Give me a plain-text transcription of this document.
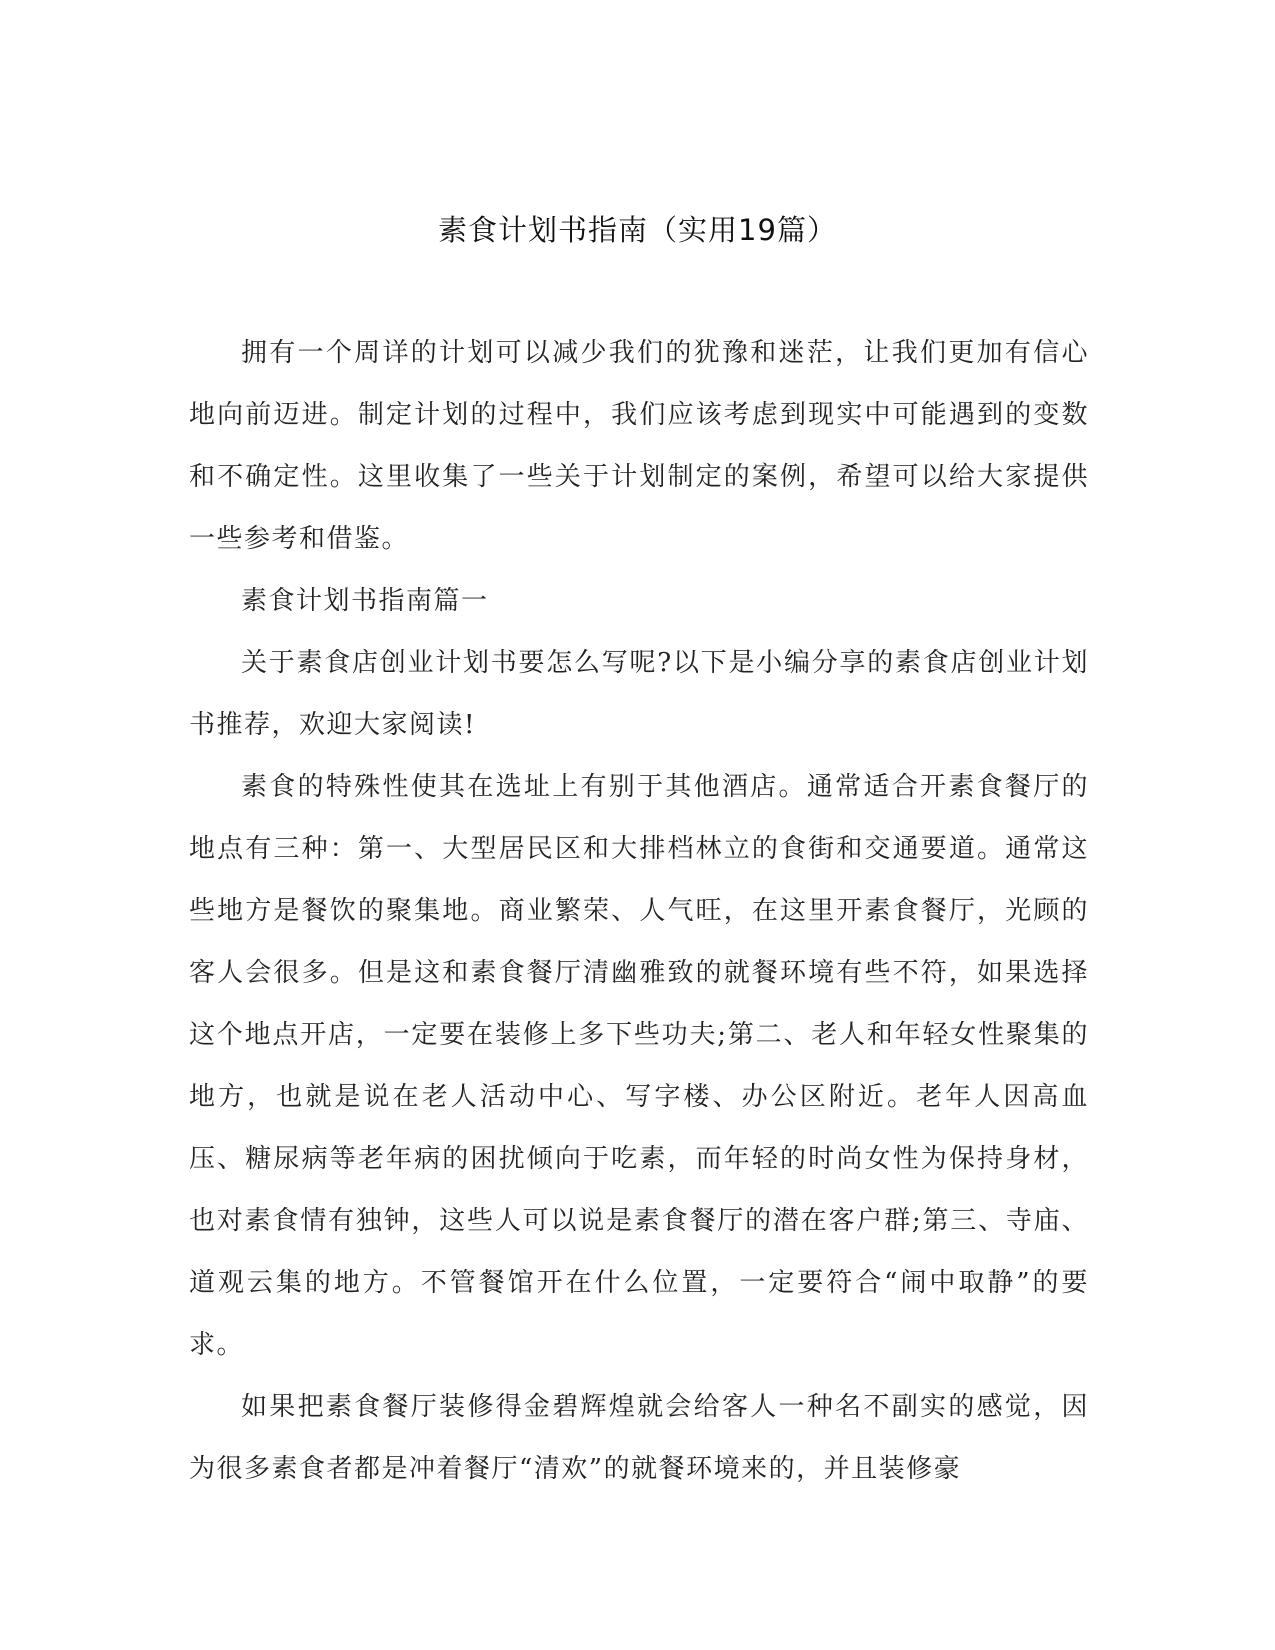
素食计划书指南（实用19篇）

拥有一个周详的计划可以减少我们的犹豫和迷茫，让我们更加有信心地向前迈进。制定计划的过程中，我们应该考虑到现实中可能遇到的变数和不确定性。这里收集了一些关于计划制定的案例，希望可以给大家提供一些参考和借鉴。

素食计划书指南篇一

关于素食店创业计划书要怎么写呢?以下是小编分享的素食店创业计划书推荐，欢迎大家阅读!

素食的特殊性使其在选址上有别于其他酒店。通常适合开素食餐厅的地点有三种：第一、大型居民区和大排档林立的食街和交通要道。通常这些地方是餐饮的聚集地。商业繁荣、人气旺，在这里开素食餐厅，光顾的客人会很多。但是这和素食餐厅清幽雅致的就餐环境有些不符，如果选择这个地点开店，一定要在装修上多下些功夫;第二、老人和年轻女性聚集的地方，也就是说在老人活动中心、写字楼、办公区附近。老年人因高血压、糖尿病等老年病的困扰倾向于吃素，而年轻的时尚女性为保持身材，也对素食情有独钟，这些人可以说是素食餐厅的潜在客户群;第三、寺庙、道观云集的地方。不管餐馆开在什么位置，一定要符合“闹中取静”的要求。

如果把素食餐厅装修得金碧辉煌就会给客人一种名不副实的感觉，因为很多素食者都是冲着餐厅“清欢”的就餐环境来的，并且装修豪
